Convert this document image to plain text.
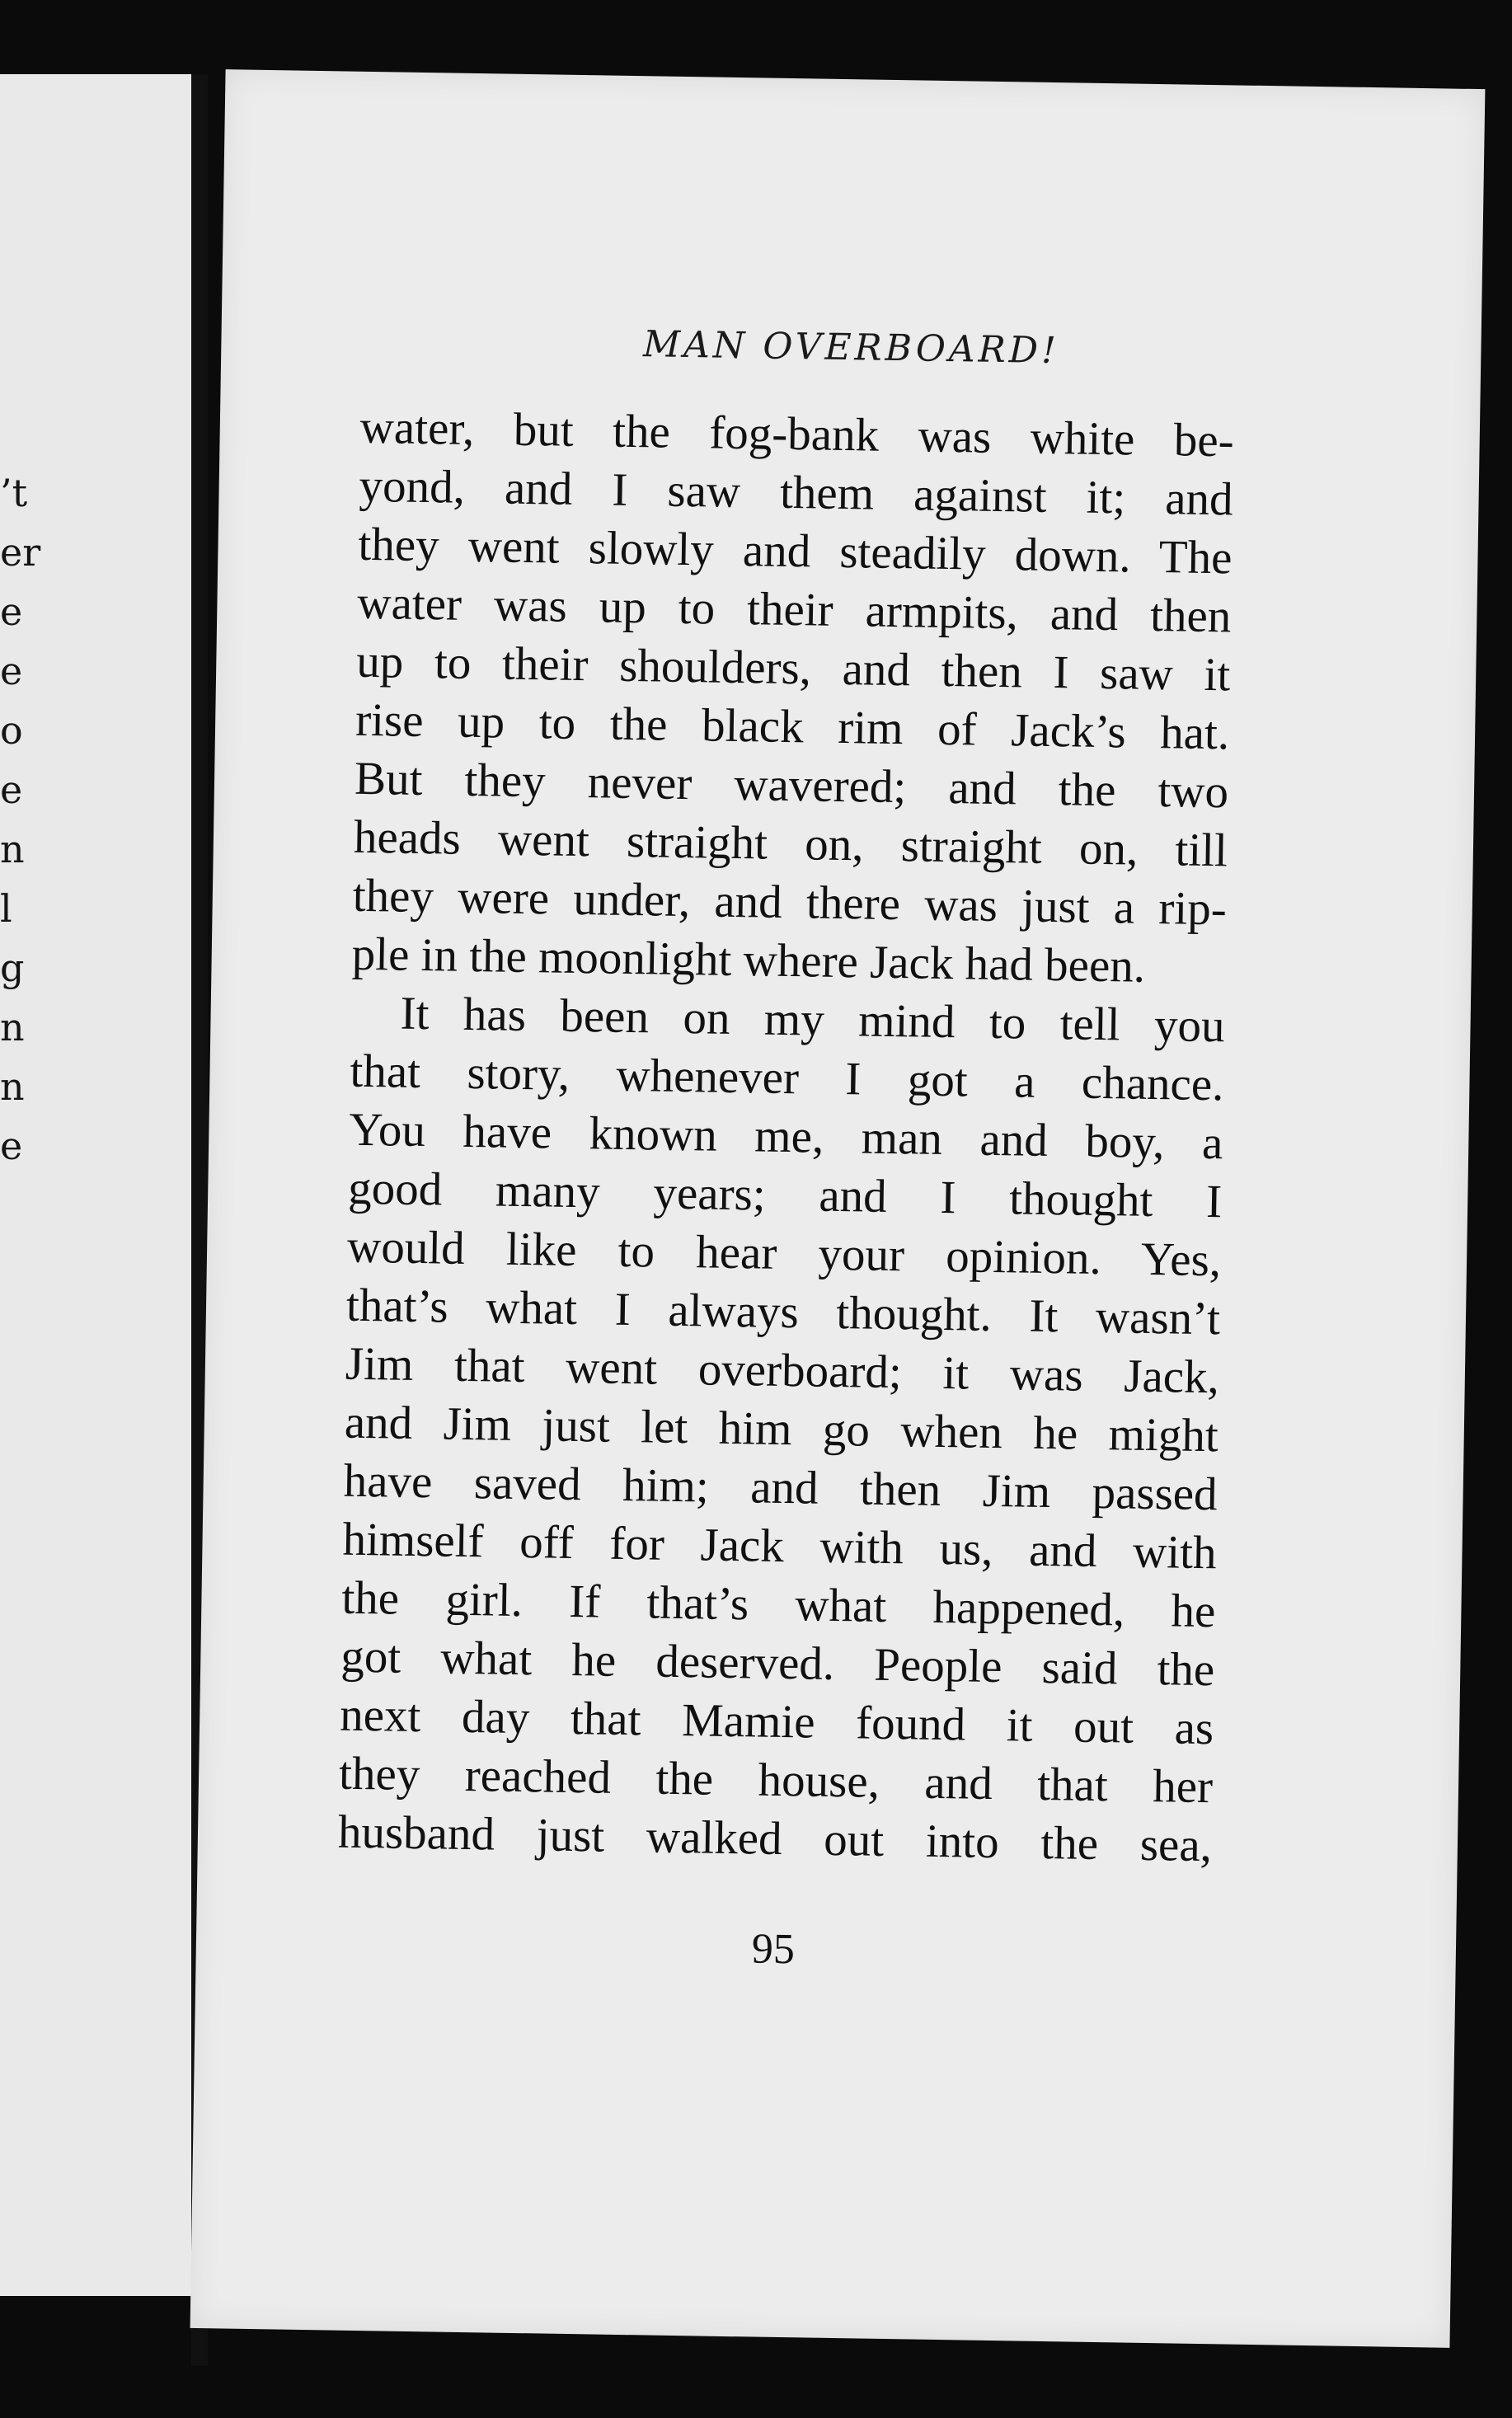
’t
er
e
e
o
e
n
l
g
n
n
e
MAN OVERBOARD!
water, but the fog-bank was white be-
yond, and I saw them against it; and
they went slowly and steadily down. The
water was up to their armpits, and then
up to their shoulders, and then I saw it
rise up to the black rim of Jack’s hat.
But they never wavered; and the two
heads went straight on, straight on, till
they were under, and there was just a rip-
ple in the moonlight where Jack had been.
It has been on my mind to tell you
that story, whenever I got a chance.
You have known me, man and boy, a
good many years; and I thought I
would like to hear your opinion. Yes,
that’s what I always thought. It wasn’t
Jim that went overboard; it was Jack,
and Jim just let him go when he might
have saved him; and then Jim passed
himself off for Jack with us, and with
the girl. If that’s what happened, he
got what he deserved. People said the
next day that Mamie found it out as
they reached the house, and that her
husband just walked out into the sea,
95
